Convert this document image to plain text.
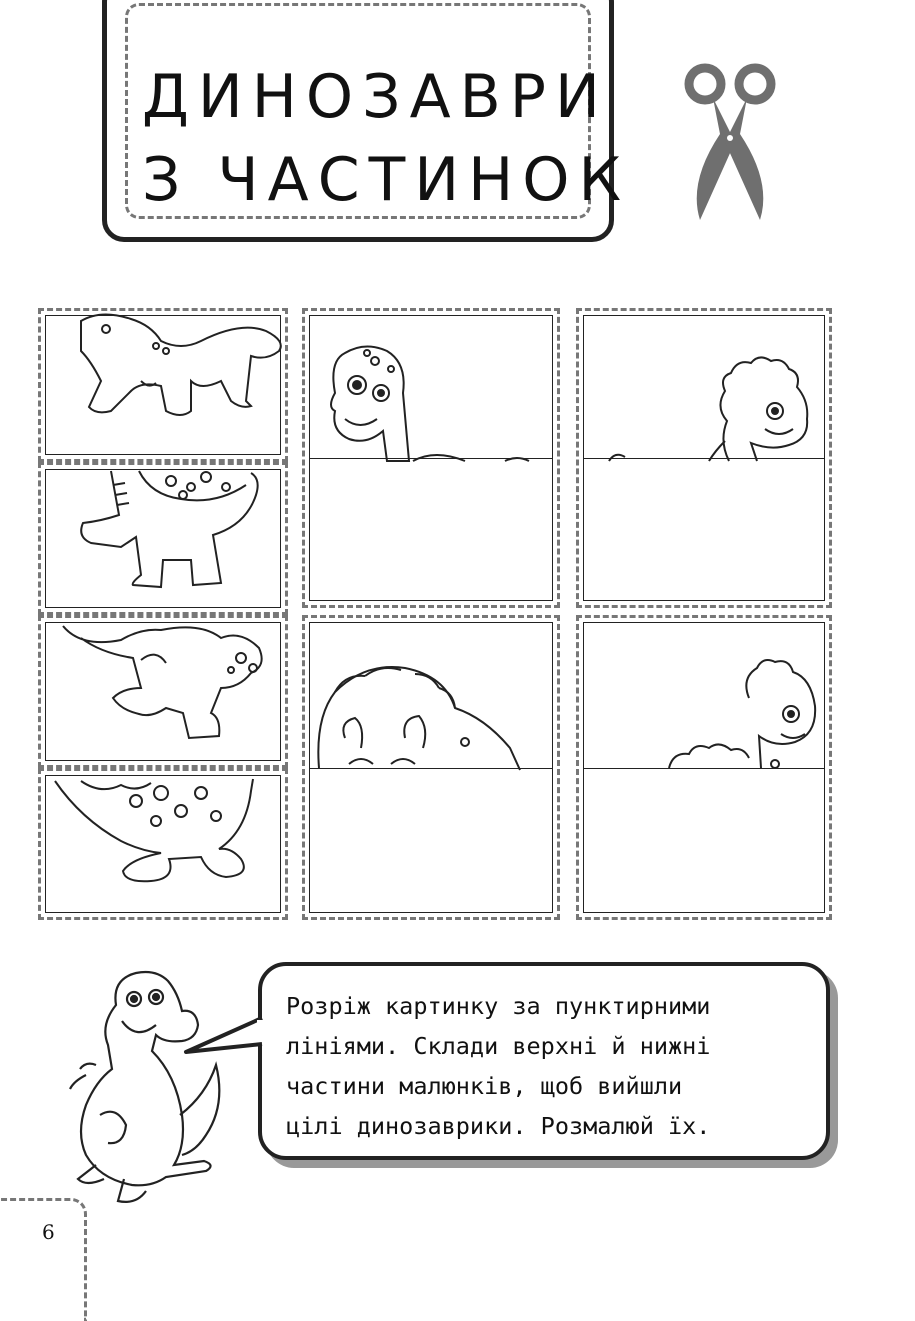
ДИНОЗАВРИ
З ЧАСТИНОК
Розріж картинку за пунктирними
лініями. Склади верхні й нижні
частини малюнків, щоб вийшли
цілі динозаврики. Розмалюй їх.
6
